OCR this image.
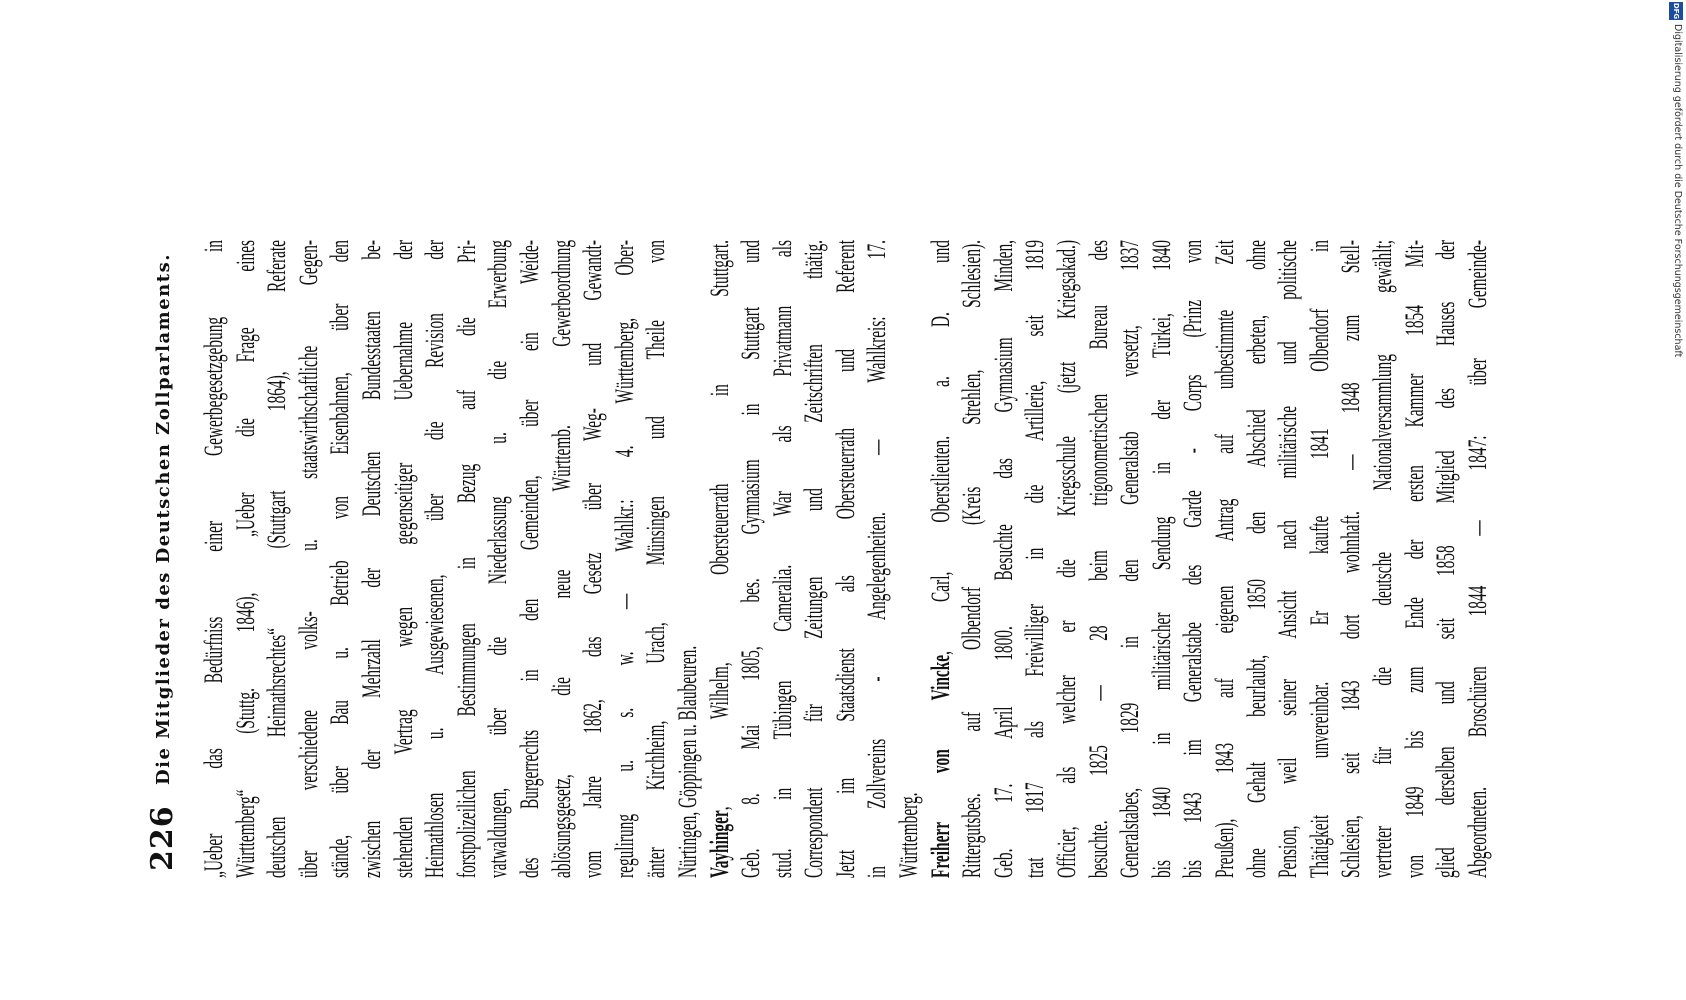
226
Die Mitglieder des Deutschen Zollparlaments. „Ueber das Bedürfniss einer Gewerbegesetzgebung in Württemberg“ (Stuttg. 1846), „Ueber die Frage eines deutschen Heimathsrechtes“ (Stuttgart 1864), Referate über verschiedene volks- u. staatswirthschaftliche Gegen- stände, über Bau u. Betrieb von Eisenbahnen, über den zwischen der Mehrzahl der Deutschen Bundesstaaten be- stehenden Vertrag wegen gegenseitiger Uebernahme der Heimathlosen u. Ausgewiesenen, über die Revision der forstpolizeilichen Bestimmungen in Bezug auf die Pri- vatwaldungen, über die Niederlassung u. die Erwerbung des Burgerrechts in den Gemeinden, über ein Weide- ablösungsgesetz, die neue Württemb. Gewerbeordnung vom Jahre 1862, das Gesetz über Weg- und Gewandt- regulirung u. s. w. — Wahlkr.: 4. Württemberg, Ober- änter Kirchheim, Urach, Münsingen und Theile von Nürtingen, Göppingen u. Blaubeuren. Vayhinger, Wilhelm, Obersteuerrath in Stuttgart. Geb. 8. Mai 1805, bes. Gymnasium in Stuttgart und stud. in Tübingen Cameralia. War als Privatmann als Correspondent für Zeitungen und Zeitschriften thätig. Jetzt im Staatsdienst als Obersteuerrath und Referent in Zollvereins - Angelegenheiten. — Wahlkreis: 17. Württemberg. Freiherr von Vincke, Carl, Oberstlieuten. a. D. und Rittergutsbes. auf Olbendorf (Kreis Strehlen, Schlesien). Geb. 17. April 1800. Besuchte das Gymnasium Minden, trat 1817 als Freiwilliger in die Artillerie, seit 1819 Officier, als welcher er die Kriegsschule (jetzt Kriegsakad.) besuchte. 1825 — 28 beim trigonometrischen Bureau des Generalstabes, 1829 in den Generalstab versetzt, 1837 bis 1840 in militärischer Sendung in der Türkei, 1840 bis 1843 im Generalstabe des Garde - Corps (Prinz von Preußen), 1843 auf eigenen Antrag auf unbestimmte Zeit ohne Gehalt beurlaubt, 1850 den Abschied erbeten, ohne Pension, weil seiner Ansicht nach militärische und politische Thätigkeit unvereinbar. Er kaufte 1841 Olbendorf in Schlesien, seit 1843 dort wohnhaft. — 1848 zum Stell- vertreter für die deutsche Nationalversammlung gewählt; von 1849 bis zum Ende der ersten Kammer 1854 Mit- glied derselben und seit 1858 Mitglied des Hauses der Abgeordneten. Broschüren 1844 — 1847: über Gemeinde-
DFG
Digitalisierung gefördert durch die Deutsche Forschungsgemeinschaft
